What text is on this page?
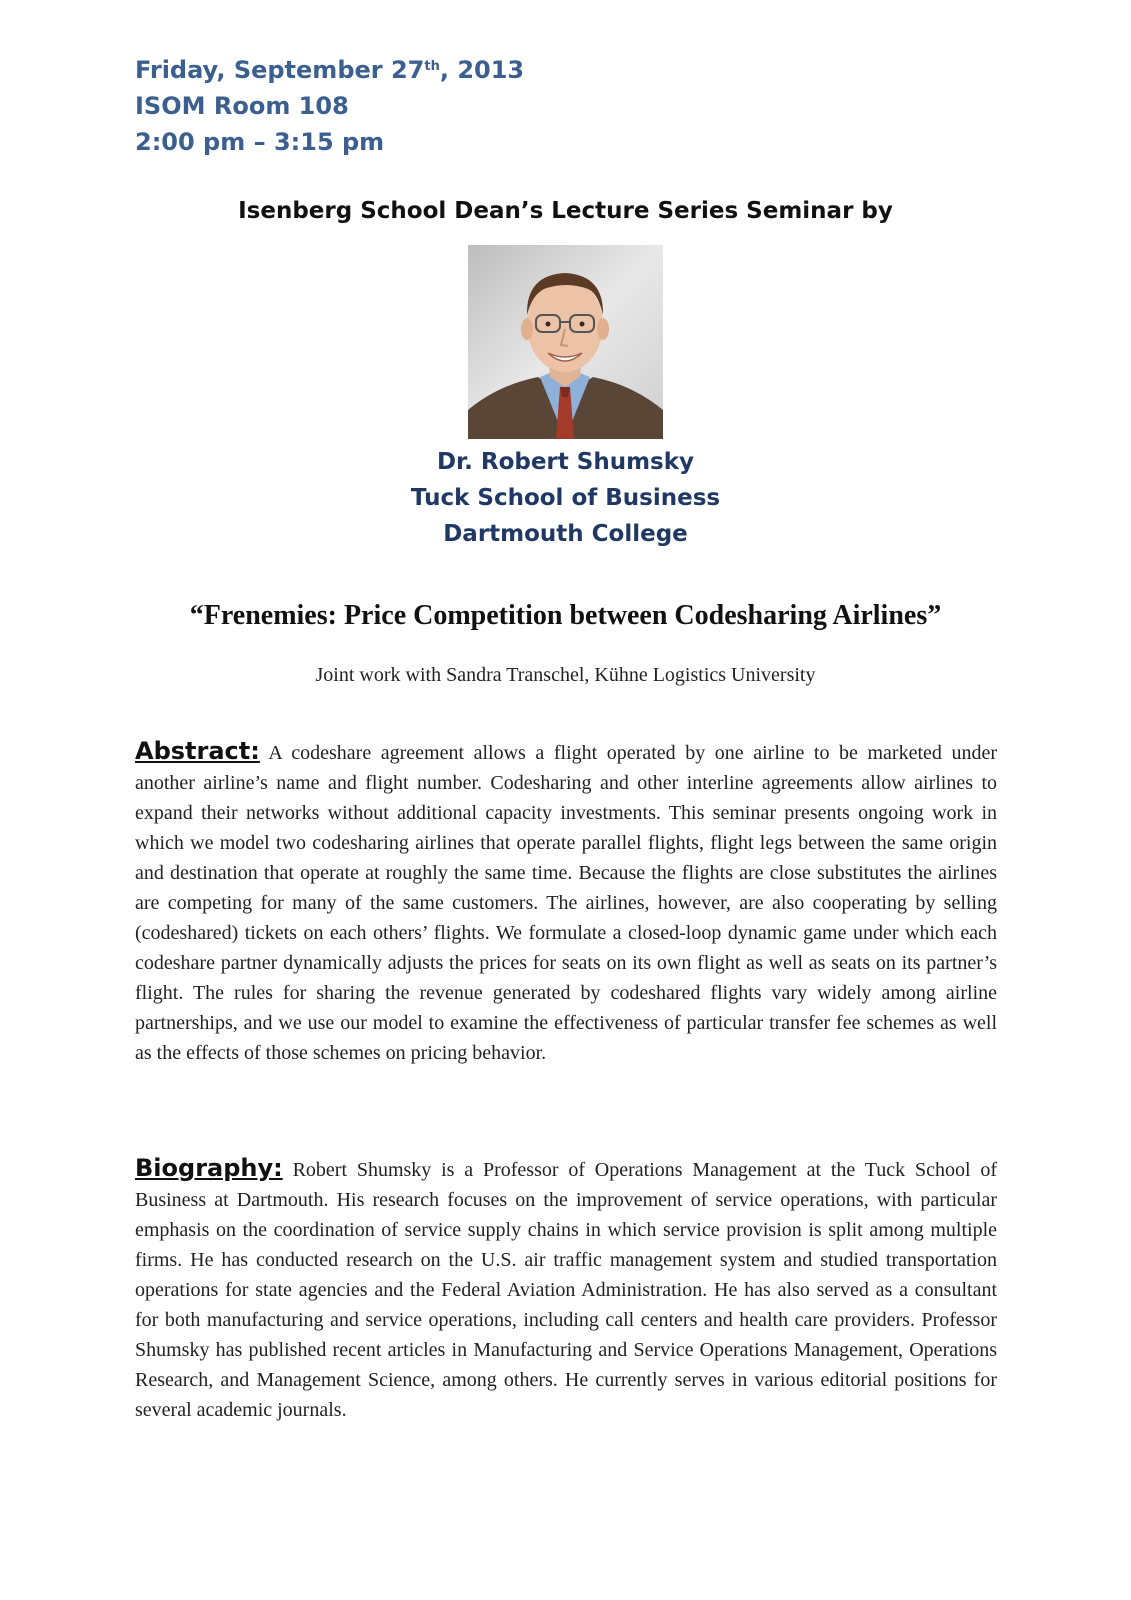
Friday, September 27th, 2013
ISOM Room 108
2:00 pm – 3:15 pm
Isenberg School Dean’s Lecture Series Seminar by
Dr. Robert Shumsky
Tuck School of Business
Dartmouth College
“Frenemies: Price Competition between Codesharing Airlines”
Joint work with Sandra Transchel, Kühne Logistics University
Abstract: A codeshare agreement allows a flight operated by one airline to be marketed under another airline’s name and flight number. Codesharing and other interline agreements allow airlines to expand their networks without additional capacity investments. This seminar presents ongoing work in which we model two codesharing airlines that operate parallel flights, flight legs between the same origin and destination that operate at roughly the same time. Because the flights are close substitutes the airlines are competing for many of the same customers. The airlines, however, are also cooperating by selling (codeshared) tickets on each others’ flights. We formulate a closed-loop dynamic game under which each codeshare partner dynamically adjusts the prices for seats on its own flight as well as seats on its partner’s flight. The rules for sharing the revenue generated by codeshared flights vary widely among airline partnerships, and we use our model to examine the effectiveness of particular transfer fee schemes as well as the effects of those schemes on pricing behavior.
Biography: Robert Shumsky is a Professor of Operations Management at the Tuck School of Business at Dartmouth. His research focuses on the improvement of service operations, with particular emphasis on the coordination of service supply chains in which service provision is split among multiple firms. He has conducted research on the U.S. air traffic management system and studied transportation operations for state agencies and the Federal Aviation Administration. He has also served as a consultant for both manufacturing and service operations, including call centers and health care providers. Professor Shumsky has published recent articles in Manufacturing and Service Operations Management, Operations Research, and Management Science, among others. He currently serves in various editorial positions for several academic journals.
